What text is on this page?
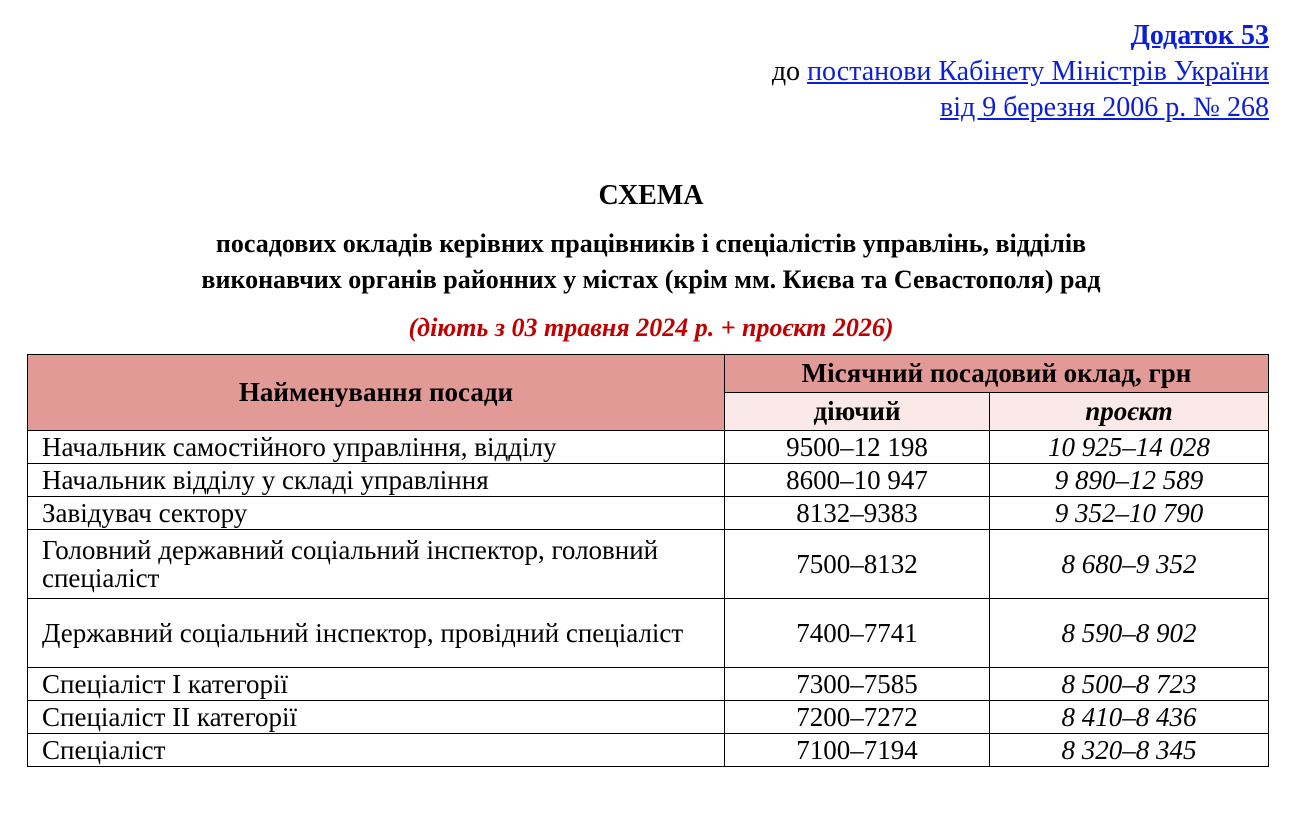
Додаток 53
до постанови Кабінету Міністрів України
від 9 березня 2006 р. № 268
СХЕМА
посадових окладів керівних працівників і спеціалістів управлінь, відділів
виконавчих органів районних у містах (крім мм. Києва та Севастополя) рад
(діють з 03 травня 2024 р. + проєкт 2026)
Найменування посади	Місячний посадовий оклад, грн	
	діючий	проєкт
Начальник самостійного управління, відділу	9500–12 198	10 925–14 028
Начальник відділу у складі управління	8600–10 947	9 890–12 589
Завідувач сектору	8132–9383	9 352–10 790
Головний державний соціальний інспектор, головний спеціаліст	7500–8132	8 680–9 352
Державний соціальний інспектор, провідний спеціаліст	7400–7741	8 590–8 902
Спеціаліст І категорії	7300–7585	8 500–8 723
Спеціаліст ІІ категорії	7200–7272	8 410–8 436
Спеціаліст	7100–7194	8 320–8 345
